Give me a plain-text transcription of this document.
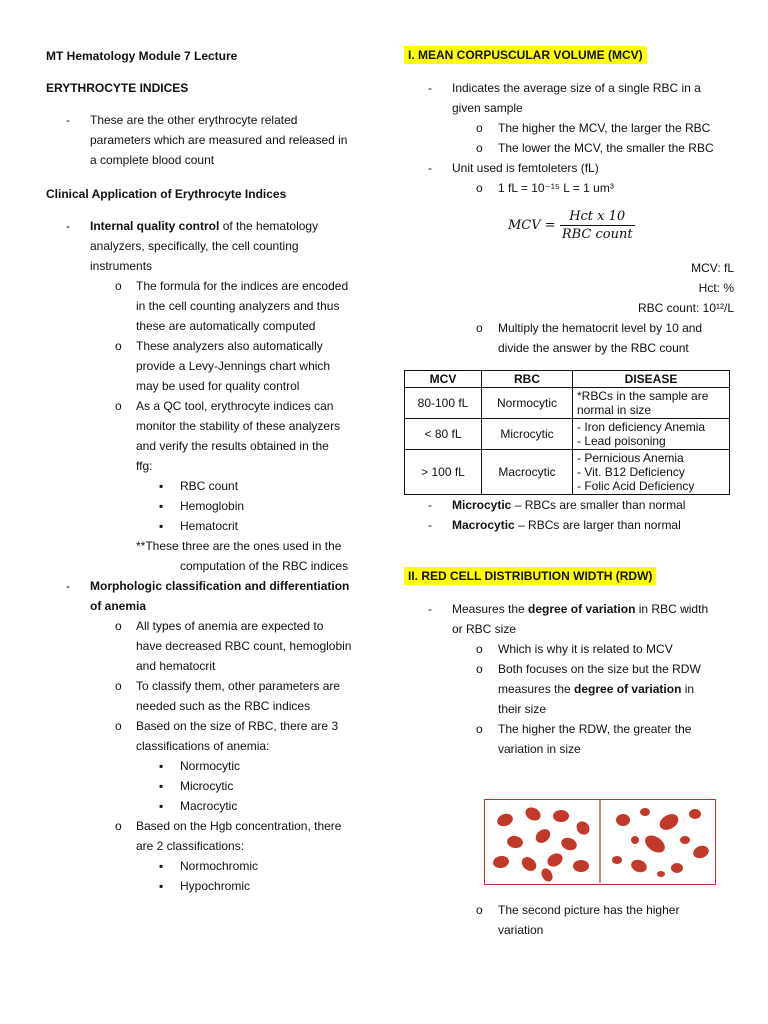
MT Hematology Module 7 Lecture

ERYTHROCYTE INDICES

- These are the other erythrocyte related

parameters which are measured and released in

a complete blood count

Clinical Application of Erythrocyte Indices

- Internal quality control of the hematology

analyzers, specifically, the cell counting

instruments

o The formula for the indices are encoded

in the cell counting analyzers and thus

these are automatically computed

o These analyzers also automatically

provide a Levy-Jennings chart which

may be used for quality control

o As a QC tool, erythrocyte indices can

monitor the stability of these analyzers

and verify the results obtained in the

ffg:

▪ RBC count

▪ Hemoglobin

▪ Hematocrit

**These three are the ones used in the

computation of the RBC indices

- Morphologic classification and differentiation

of anemia

o All types of anemia are expected to

have decreased RBC count, hemoglobin

and hematocrit

o To classify them, other parameters are

needed such as the RBC indices

o Based on the size of RBC, there are 3

classifications of anemia:

▪ Normocytic

▪ Microcytic

▪ Macrocytic

o Based on the Hgb concentration, there

are 2 classifications:

▪ Normochromic

▪ Hypochromic

I. MEAN CORPUSCULAR VOLUME (MCV)
- Indicates the average size of a single RBC in a

given sample

o The higher the MCV, the larger the RBC

o The lower the MCV, the smaller the RBC

- Unit used is femtoleters (fL)

o 1 fL = 10⁻¹⁵ L = 1 um³

MCV = $\frac{\text{Hct x 10}}{\text{RBC count}}$

MCV: fL

Hct: %

RBC count: 10¹²/L

o Multiply the hematocrit level by 10 and

divide the answer by the RBC count

MCV	RBC	DISEASE
80-100 fL	Normocytic	*RBCs in the sample are
normal in size

< 80 fL	Microcytic	- Iron deficiency Anemia
- Lead poisoning

> 100 fL	Macrocytic	- Pernicious Anemia
- Vit. B12 Deficiency
- Folic Acid Deficiency
- Microcytic – RBCs are smaller than normal

- Macrocytic – RBCs are larger than normal

II. RED CELL DISTRIBUTION WIDTH (RDW)
- Measures the degree of variation in RBC width

or RBC size

o Which is why it is related to MCV

o Both focuses on the size but the RDW

measures the degree of variation in

their size

o The higher the RDW, the greater the

variation in size

o The second picture has the higher

variation
